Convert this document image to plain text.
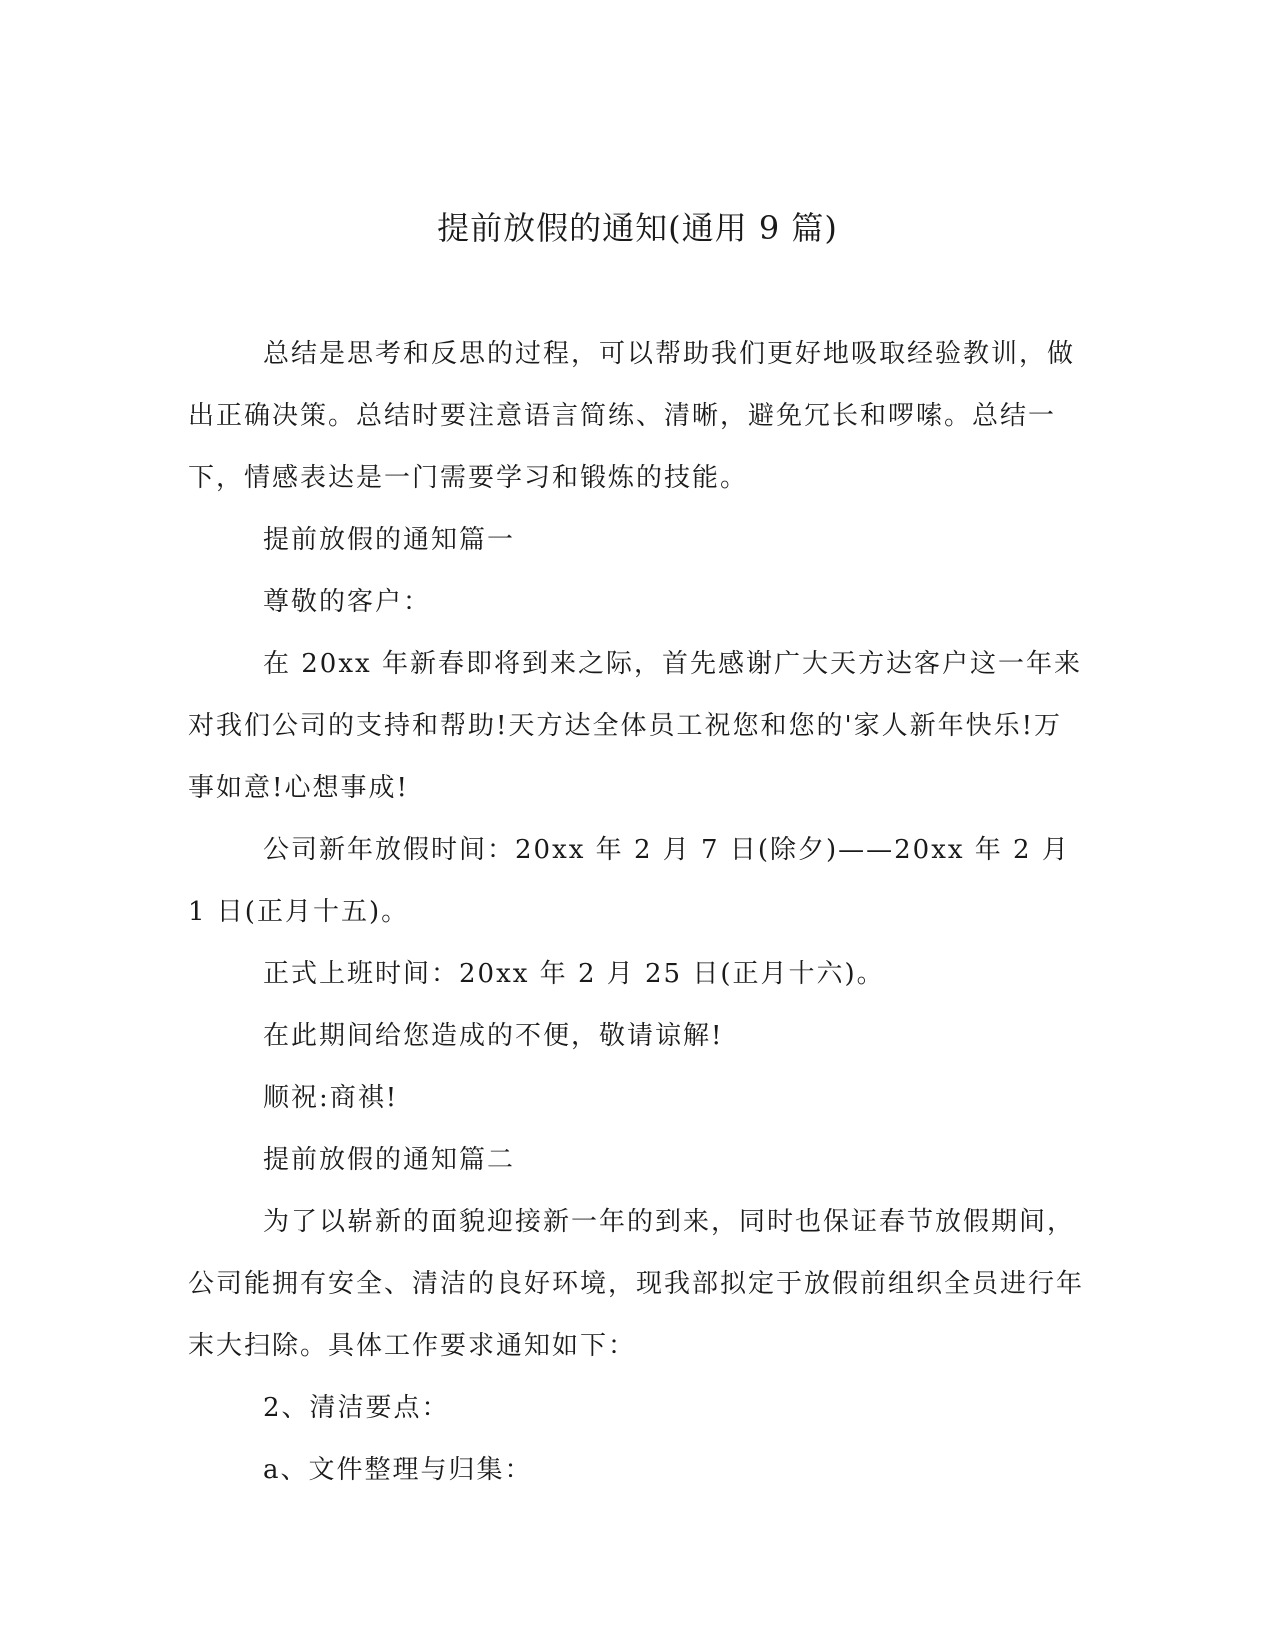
提前放假的通知(通用 9 篇)

总结是思考和反思的过程，可以帮助我们更好地吸取经验教训，做出正确决策。总结时要注意语言简练、清晰，避免冗长和啰嗦。总结一下，情感表达是一门需要学习和锻炼的技能。

提前放假的通知篇一

尊敬的客户：

在 20xx 年新春即将到来之际，首先感谢广大天方达客户这一年来对我们公司的支持和帮助!天方达全体员工祝您和您的'家人新年快乐!万事如意!心想事成!

公司新年放假时间：20xx 年 2 月 7 日(除夕)——20xx 年 2 月 1 日(正月十五)。

正式上班时间：20xx 年 2 月 25 日(正月十六)。

在此期间给您造成的不便，敬请谅解!

顺祝:商祺!

提前放假的通知篇二

为了以崭新的面貌迎接新一年的到来，同时也保证春节放假期间，公司能拥有安全、清洁的良好环境，现我部拟定于放假前组织全员进行年末大扫除。具体工作要求通知如下：

2、清洁要点：

a、文件整理与归集：
